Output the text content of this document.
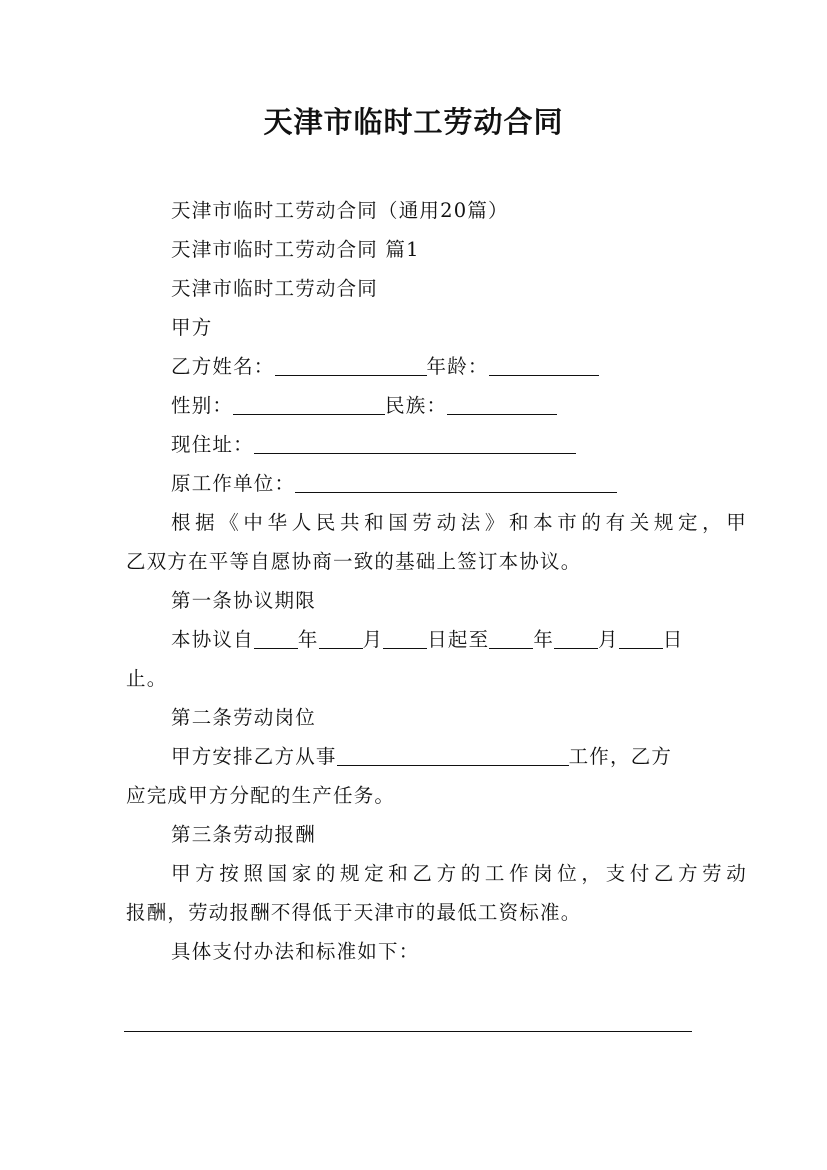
天津市临时工劳动合同
天津市临时工劳动合同（通用20篇）
天津市临时工劳动合同 篇1
天津市临时工劳动合同
甲方
乙方姓名：	年龄：
性别：	民族：
现住址：
原工作单位：
根据《中华人民共和国劳动法》和本市的有关规定，甲
乙双方在平等自愿协商一致的基础上签订本协议。
第一条协议期限
本协议自 年 月 日起至 年 月 日
止。
第二条劳动岗位
甲方安排乙方从事	工作，乙方
应完成甲方分配的生产任务。
第三条劳动报酬
甲方按照国家的规定和乙方的工作岗位，支付乙方劳动
报酬，劳动报酬不得低于天津市的最低工资标准。
具体支付办法和标准如下：
